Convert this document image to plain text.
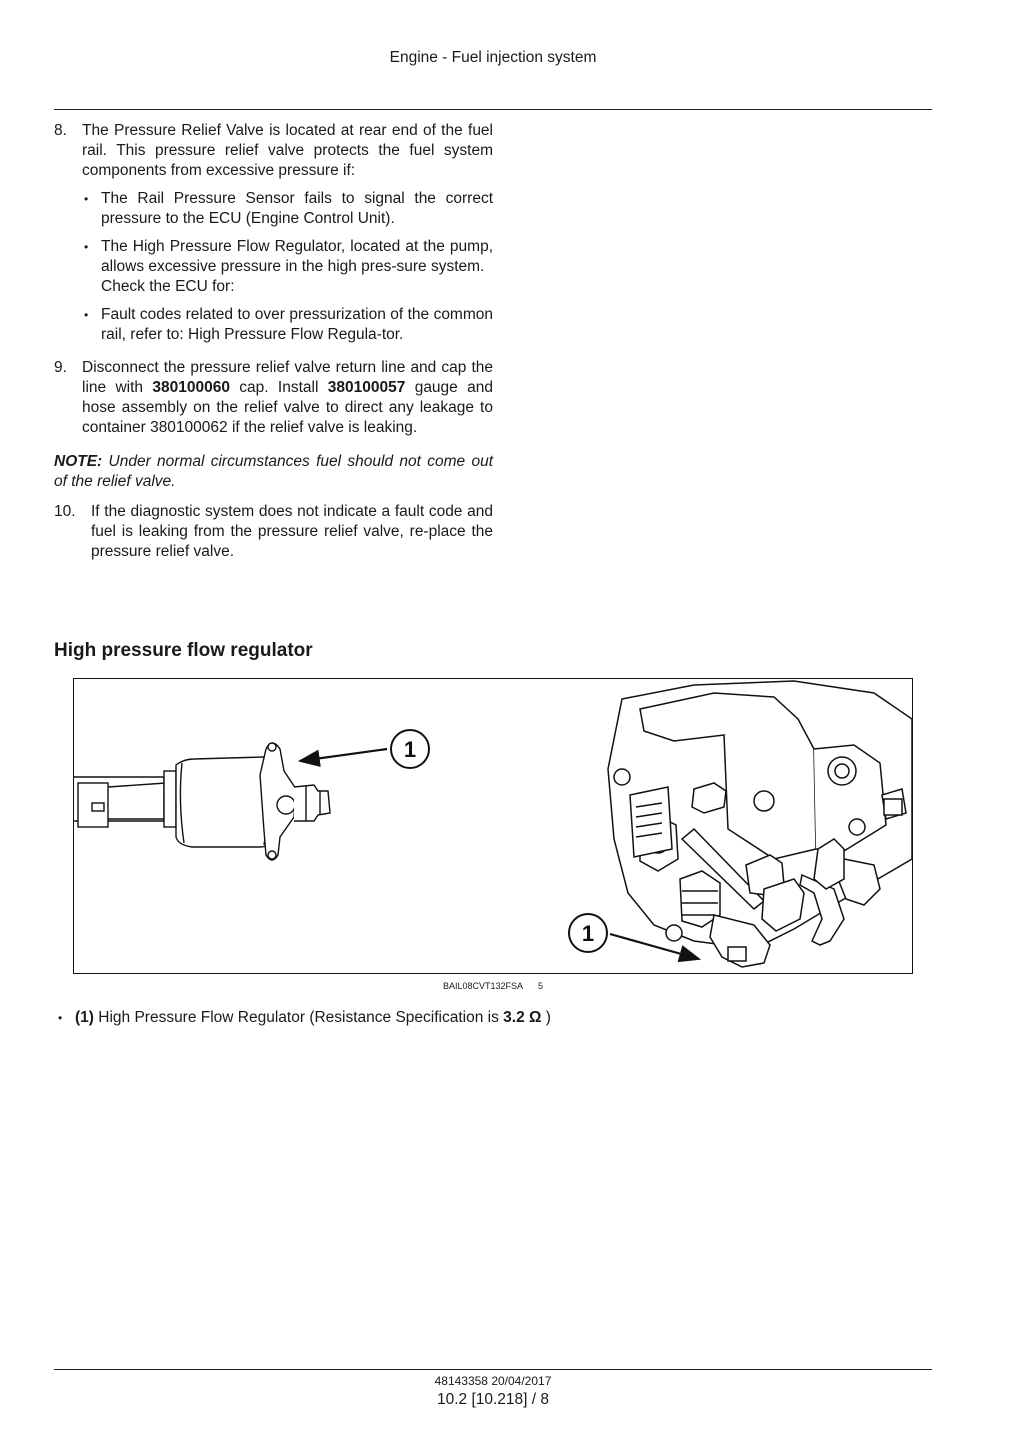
Engine - Fuel injection system
8. The Pressure Relief Valve is located at rear end of the fuel rail. This pressure relief valve protects the fuel system components from excessive pressure if:

• The Rail Pressure Sensor fails to signal the correct pressure to the ECU (Engine Control Unit).
• The High Pressure Flow Regulator, located at the pump, allows excessive pressure in the high pres-sure system.
Check the ECU for:
• Fault codes related to over pressurization of the common rail, refer to: High Pressure Flow Regula-tor.
9. Disconnect the pressure relief valve return line and cap the line with 380100060 cap. Install 380100057 gauge and hose assembly on the relief valve to direct any leakage to container 380100062 if the relief valve is leaking.

NOTE: Under normal circumstances fuel should not come out of the relief valve.

10. If the diagnostic system does not indicate a fault code and fuel is leaking from the pressure relief valve, re-place the pressure relief valve.

High pressure flow regulator
1
1
BAIL08CVT132FSA 5
• (1) High Pressure Flow Regulator (Resistance Specification is 3.2 Ω )
48143358 20/04/2017
10.2 [10.218] / 8
